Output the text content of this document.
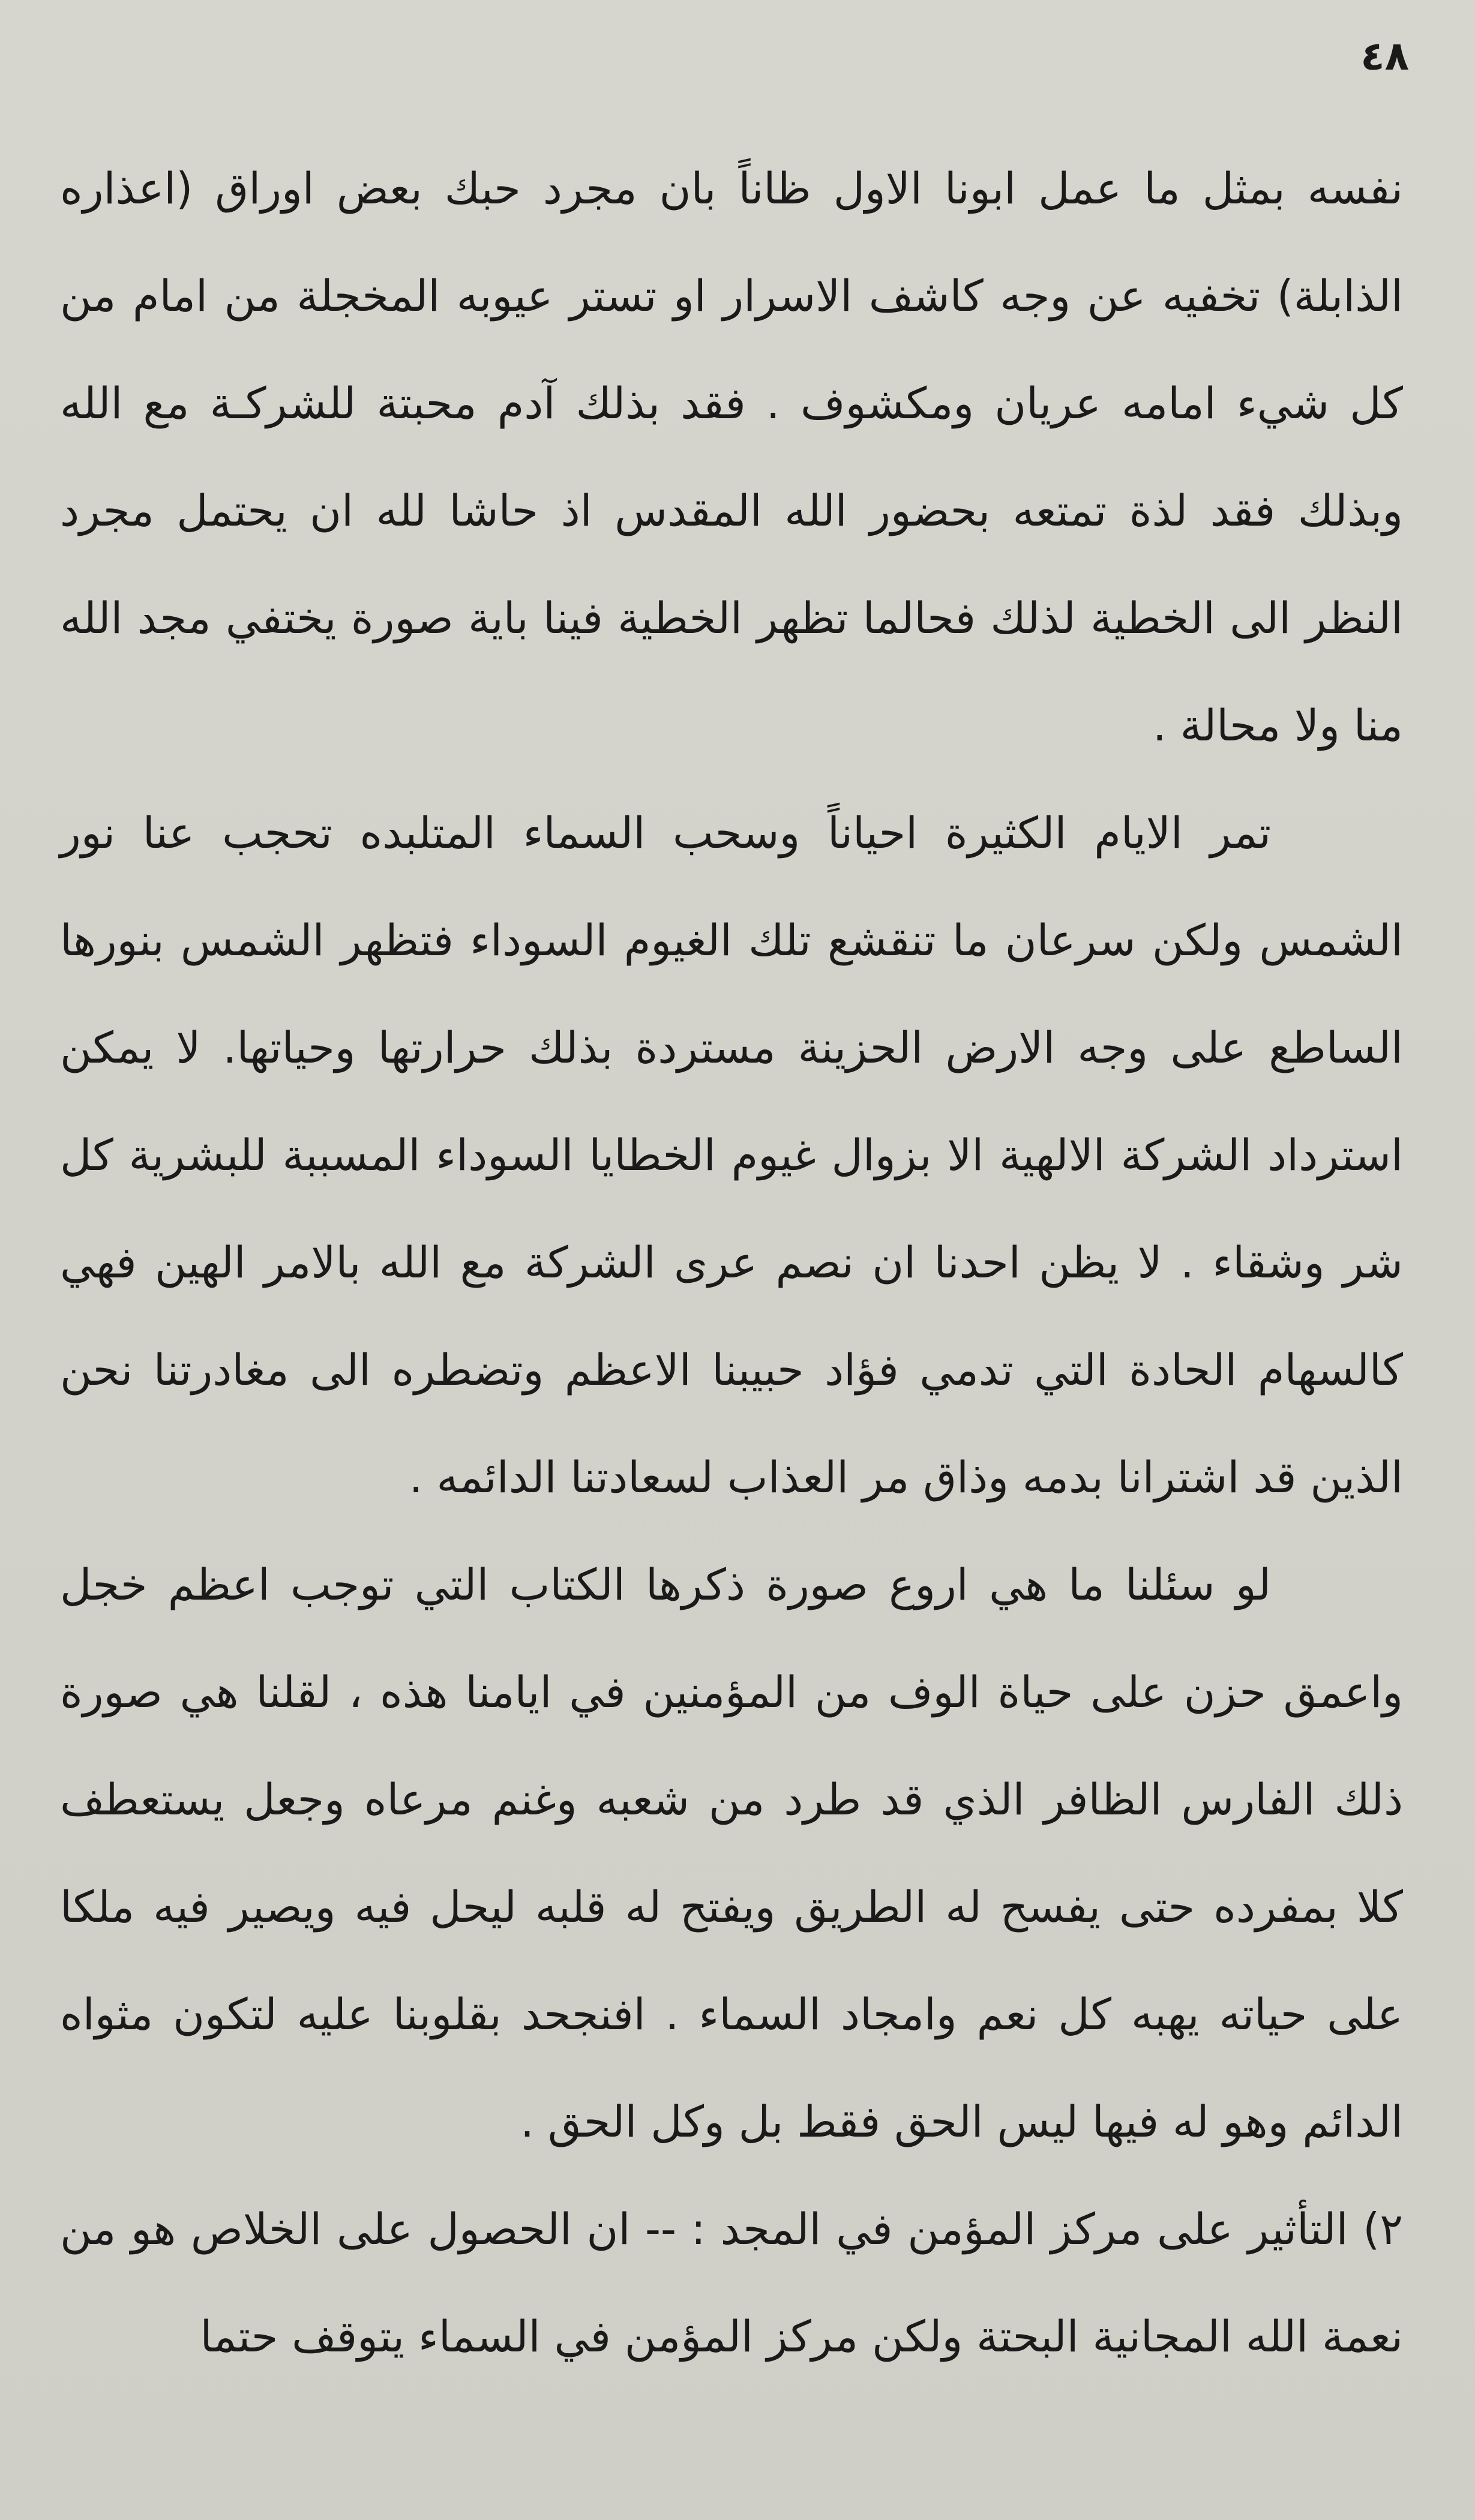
٤٨

نفسه بمثل ما عمل ابونا الاول ظاناً بان مجرد حبك بعض اوراق (اعذاره الذابلة) تخفيه عن وجه كاشف الاسرار او تستر عيوبه المخجلة من امام من كل شيء امامه عريان ومكشوف . فقد بذلك آدم محبتة للشركـة مع الله وبذلك فقد لذة تمتعه بحضور الله المقدس اذ حاشا لله ان يحتمل مجرد النظر الى الخطية لذلك فحالما تظهر الخطية فينا باية صورة يختفي مجد الله منا ولا محالة .

تمر الايام الكثيرة احياناً وسحب السماء المتلبده تحجب عنا نور الشمس ولكن سرعان ما تنقشع تلك الغيوم السوداء فتظهر الشمس بنورها الساطع على وجه الارض الحزينة مستردة بذلك حرارتها وحياتها. لا يمكن استرداد الشركة الالهية الا بزوال غيوم الخطايا السوداء المسببة للبشرية كل شر وشقاء . لا يظن احدنا ان نصم عرى الشركة مع الله بالامر الهين فهي كالسهام الحادة التي تدمي فؤاد حبيبنا الاعظم وتضطره الى مغادرتنا نحن الذين قد اشترانا بدمه وذاق مر العذاب لسعادتنا الدائمه .

لو سئلنا ما هي اروع صورة ذكرها الكتاب التي توجب اعظم خجل واعمق حزن على حياة الوف من المؤمنين في ايامنا هذه ، لقلنا هي صورة ذلك الفارس الظافر الذي قد طرد من شعبه وغنم مرعاه وجعل يستعطف كلا بمفرده حتى يفسح له الطريق ويفتح له قلبه ليحل فيه ويصير فيه ملكا على حياته يهبه كل نعم وامجاد السماء . افنجحد بقلوبنا عليه لتكون مثواه الدائم وهو له فيها ليس الحق فقط بل وكل الحق .

٢) التأثير على مركز المؤمن في المجد : -- ان الحصول على الخلاص هو من نعمة الله المجانية البحتة ولكن مركز المؤمن في السماء يتوقف حتما
